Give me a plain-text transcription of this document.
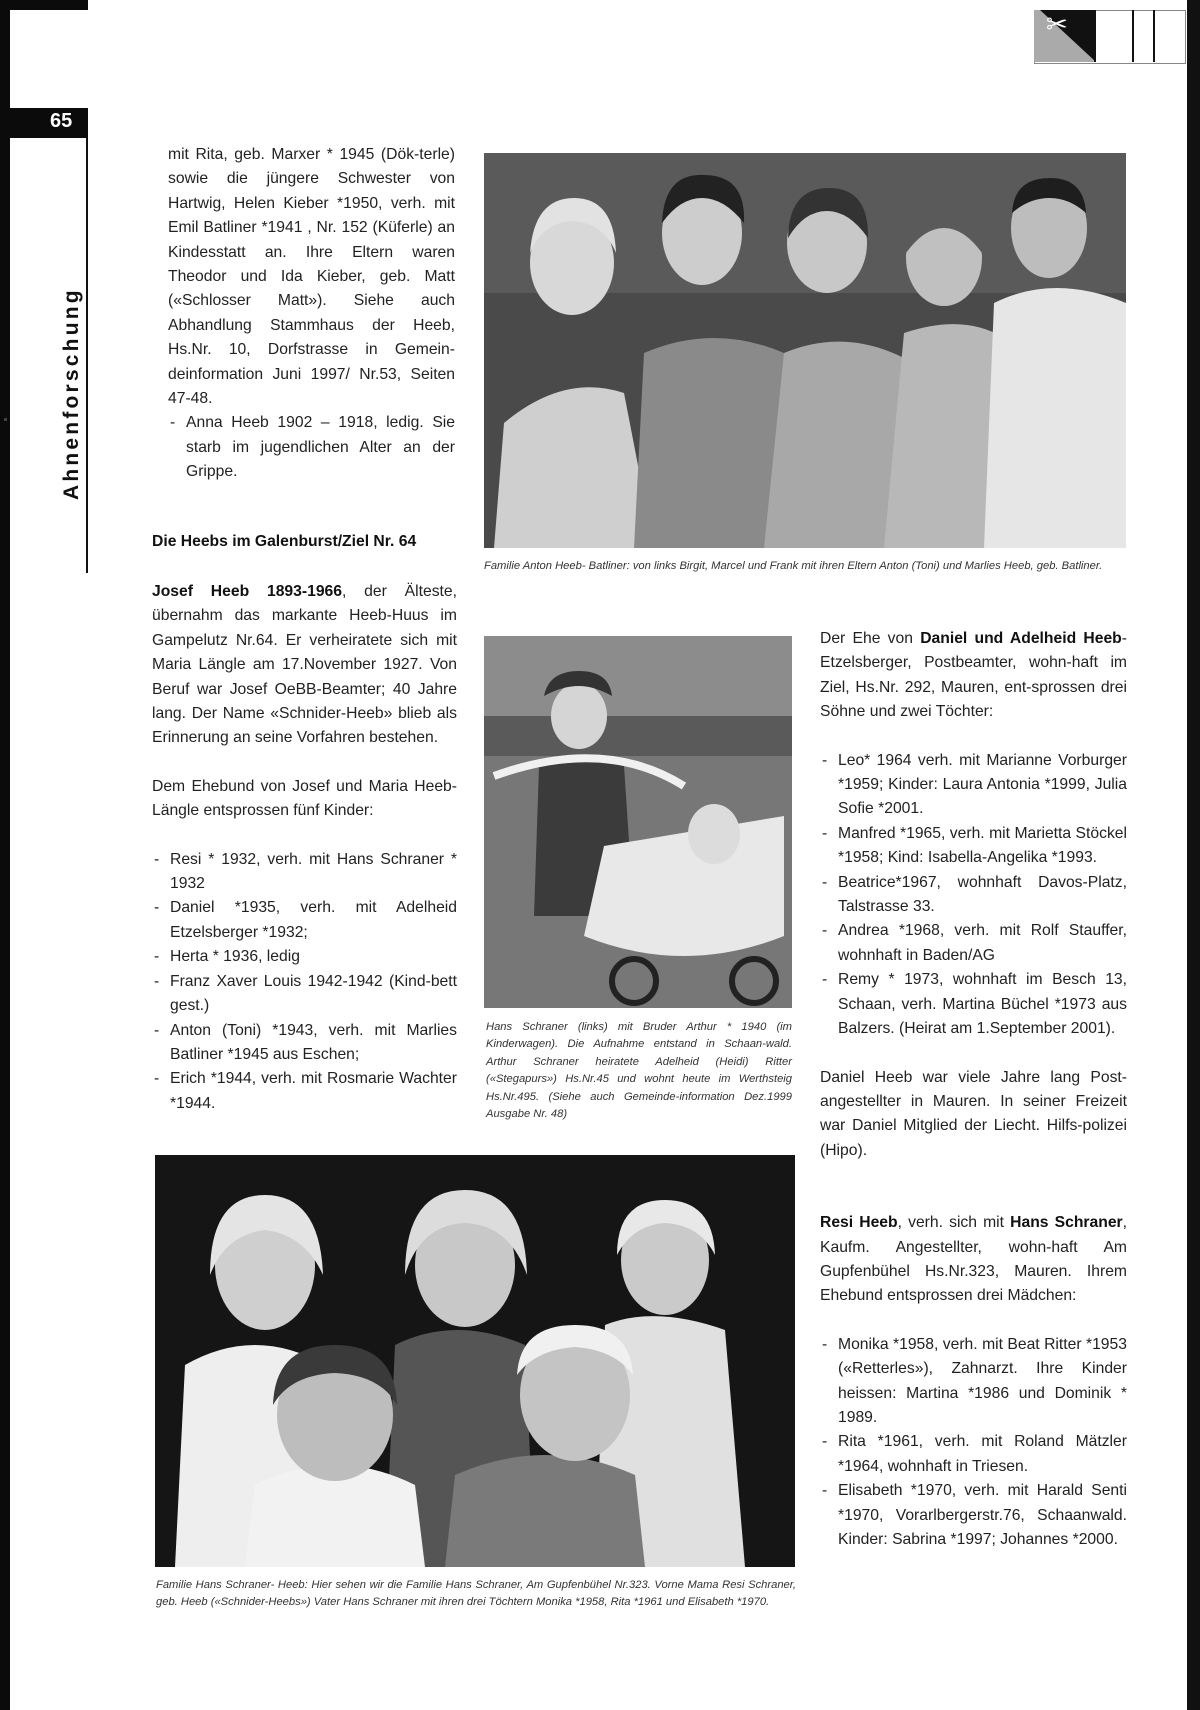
65
Ahnenforschung
✂

mit Rita, geb. Marxer * 1945 (Dök-terle) sowie die jüngere Schwester von Hartwig, Helen Kieber *1950, verh. mit Emil Batliner *1941 , Nr. 152 (Küferle) an Kindesstatt an. Ihre Eltern waren Theodor und Ida Kieber, geb. Matt («Schlosser Matt»). Siehe auch Abhandlung Stammhaus der Heeb, Hs.Nr. 10, Dorfstrasse in Gemein-deinformation Juni 1997/ Nr.53, Seiten 47-48.

- Anna Heeb 1902 – 1918, ledig. Sie starb im jugendlichen Alter an der Grippe.
Die Heebs im Galenburst/Ziel Nr. 64

Josef Heeb 1893-1966, der Älteste, übernahm das markante Heeb-Huus im Gampelutz Nr.64. Er verheiratete sich mit Maria Längle am 17.November 1927. Von Beruf war Josef OeBB-Beamter; 40 Jahre lang. Der Name «Schnider-Heeb» blieb als Erinnerung an seine Vorfahren bestehen.

Dem Ehebund von Josef und Maria Heeb- Längle entsprossen fünf Kinder:

- Resi * 1932, verh. mit Hans Schraner * 1932
- Daniel *1935, verh. mit Adelheid Etzelsberger *1932;
- Herta * 1936, ledig
- Franz Xaver Louis 1942-1942 (Kind-bett gest.)
- Anton (Toni) *1943, verh. mit Marlies Batliner *1945 aus Eschen;
- Erich *1944, verh. mit Rosmarie Wachter *1944.
Familie Anton Heeb- Batliner: von links Birgit, Marcel und Frank mit ihren Eltern Anton (Toni) und Marlies Heeb, geb. Batliner.
Hans Schraner (links) mit Bruder Arthur * 1940 (im Kinderwagen). Die Aufnahme entstand in Schaan-wald. Arthur Schraner heiratete Adelheid (Heidi) Ritter («Stegapurs») Hs.Nr.45 und wohnt heute im Werthsteig Hs.Nr.495. (Siehe auch Gemeinde-information Dez.1999 Ausgabe Nr. 48)
Familie Hans Schraner- Heeb: Hier sehen wir die Familie Hans Schraner, Am Gupfenbühel Nr.323. Vorne Mama Resi Schraner, geb. Heeb («Schnider-Heebs») Vater Hans Schraner mit ihren drei Töchtern Monika *1958, Rita *1961 und Elisabeth *1970.

Der Ehe von Daniel und Adelheid Heeb-Etzelsberger, Postbeamter, wohn-haft im Ziel, Hs.Nr. 292, Mauren, ent-sprossen drei Söhne und zwei Töchter:

- Leo* 1964 verh. mit Marianne Vorburger *1959; Kinder: Laura Antonia *1999, Julia Sofie *2001.
- Manfred *1965, verh. mit Marietta Stöckel *1958; Kind: Isabella-Angelika *1993.
- Beatrice*1967, wohnhaft Davos-Platz, Talstrasse 33.
- Andrea *1968, verh. mit Rolf Stauffer, wohnhaft in Baden/AG
- Remy * 1973, wohnhaft im Besch 13, Schaan, verh. Martina Büchel *1973 aus Balzers. (Heirat am 1.September 2001).

Daniel Heeb war viele Jahre lang Post-angestellter in Mauren. In seiner Freizeit war Daniel Mitglied der Liecht. Hilfs-polizei (Hipo).

Resi Heeb, verh. sich mit Hans Schraner, Kaufm. Angestellter, wohn-haft Am Gupfenbühel Hs.Nr.323, Mauren. Ihrem Ehebund entsprossen drei Mädchen:

- Monika *1958, verh. mit Beat Ritter *1953 («Retterles»), Zahnarzt. Ihre Kinder heissen: Martina *1986 und Dominik * 1989.
- Rita *1961, verh. mit Roland Mätzler *1964, wohnhaft in Triesen.
- Elisabeth *1970, verh. mit Harald Senti *1970, Vorarlbergerstr.76, Schaanwald. Kinder: Sabrina *1997; Johannes *2000.
